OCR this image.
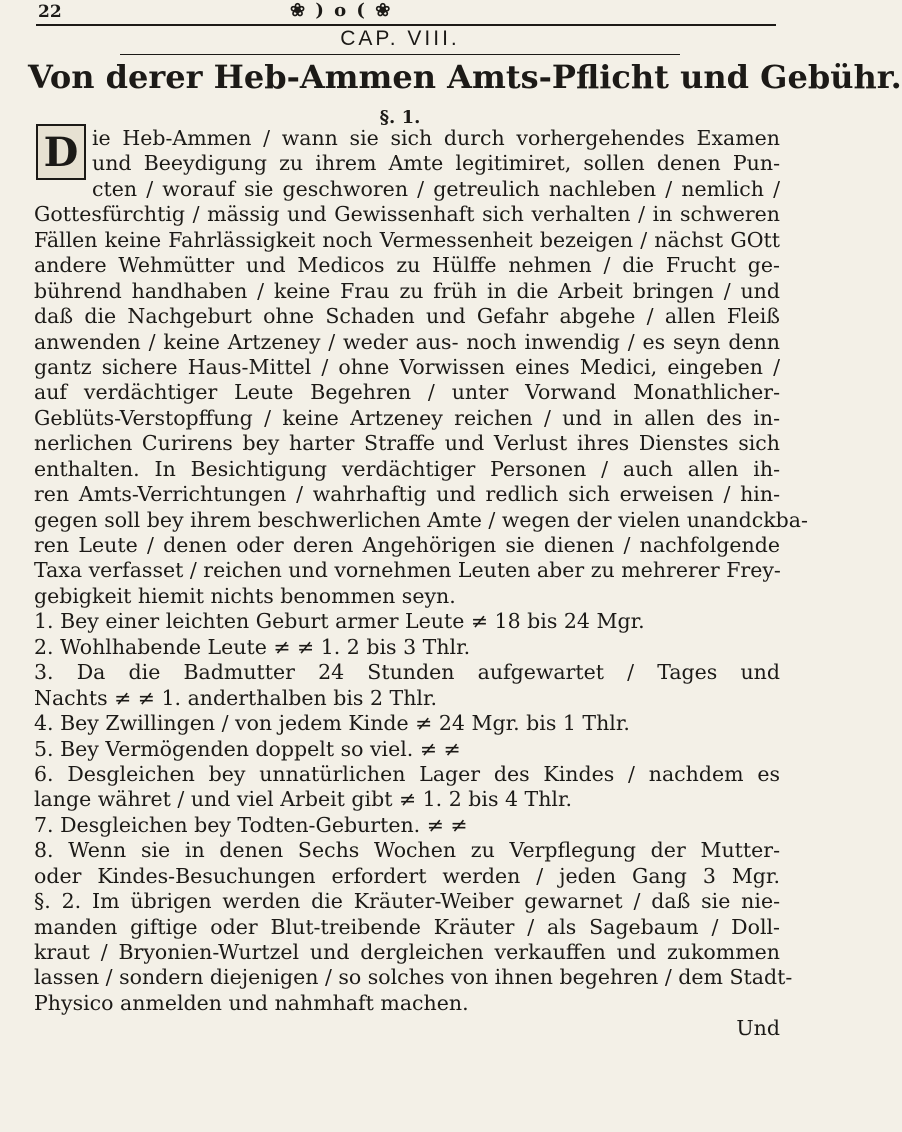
22	❀ ) o ( ❀
CAP. VIII.
Von derer Heb-Ammen Amts-Pflicht und Gebühr.
§. 1.
D ie Heb-Ammen / wann sie sich durch vorhergehendes Examen
und Beeydigung zu ihrem Amte legitimiret, sollen denen Pun-
cten / worauf sie geschworen / getreulich nachleben / nemlich /
Gottesfürchtig / mässig und Gewissenhaft sich verhalten / in schweren
Fällen keine Fahrlässigkeit noch Vermessenheit bezeigen / nächst GOtt
andere Wehmütter und Medicos zu Hülffe nehmen / die Frucht ge-
bührend handhaben / keine Frau zu früh in die Arbeit bringen / und
daß die Nachgeburt ohne Schaden und Gefahr abgehe / allen Fleiß
anwenden / keine Artzeney / weder aus- noch inwendig / es seyn denn
gantz sichere Haus-Mittel / ohne Vorwissen eines Medici, eingeben /
auf verdächtiger Leute Begehren / unter Vorwand Monathlicher-
Geblüts-Verstopffung / keine Artzeney reichen / und in allen des in-
nerlichen Curirens bey harter Straffe und Verlust ihres Dienstes sich
enthalten. In Besichtigung verdächtiger Personen / auch allen ih-
ren Amts-Verrichtungen / wahrhaftig und redlich sich erweisen / hin-
gegen soll bey ihrem beschwerlichen Amte / wegen der vielen unandckba-
ren Leute / denen oder deren Angehörigen sie dienen / nachfolgende
Taxa verfasset / reichen und vornehmen Leuten aber zu mehrerer Frey-
gebigkeit hiemit nichts benommen seyn.
1. Bey einer leichten Geburt armer Leute ≠ 18 bis 24 Mgr.
2. Wohlhabende Leute ≠ ≠ 1. 2 bis 3 Thlr.
3. Da die Badmutter 24 Stunden aufgewartet / Tages und
Nachts ≠ ≠ 1. anderthalben bis 2 Thlr.
4. Bey Zwillingen / von jedem Kinde ≠ 24 Mgr. bis 1 Thlr.
5. Bey Vermögenden doppelt so viel. ≠ ≠
6. Desgleichen bey unnatürlichen Lager des Kindes / nachdem es
lange währet / und viel Arbeit gibt ≠ 1. 2 bis 4 Thlr.
7. Desgleichen bey Todten-Geburten. ≠ ≠
8. Wenn sie in denen Sechs Wochen zu Verpflegung der Mutter-
oder Kindes-Besuchungen erfordert werden / jeden Gang 3 Mgr.
§. 2. Im übrigen werden die Kräuter-Weiber gewarnet / daß sie nie-
manden giftige oder Blut-treibende Kräuter / als Sagebaum / Doll-
kraut / Bryonien-Wurtzel und dergleichen verkauffen und zukommen
lassen / sondern diejenigen / so solches von ihnen begehren / dem Stadt-
Physico anmelden und nahmhaft machen.
Und
